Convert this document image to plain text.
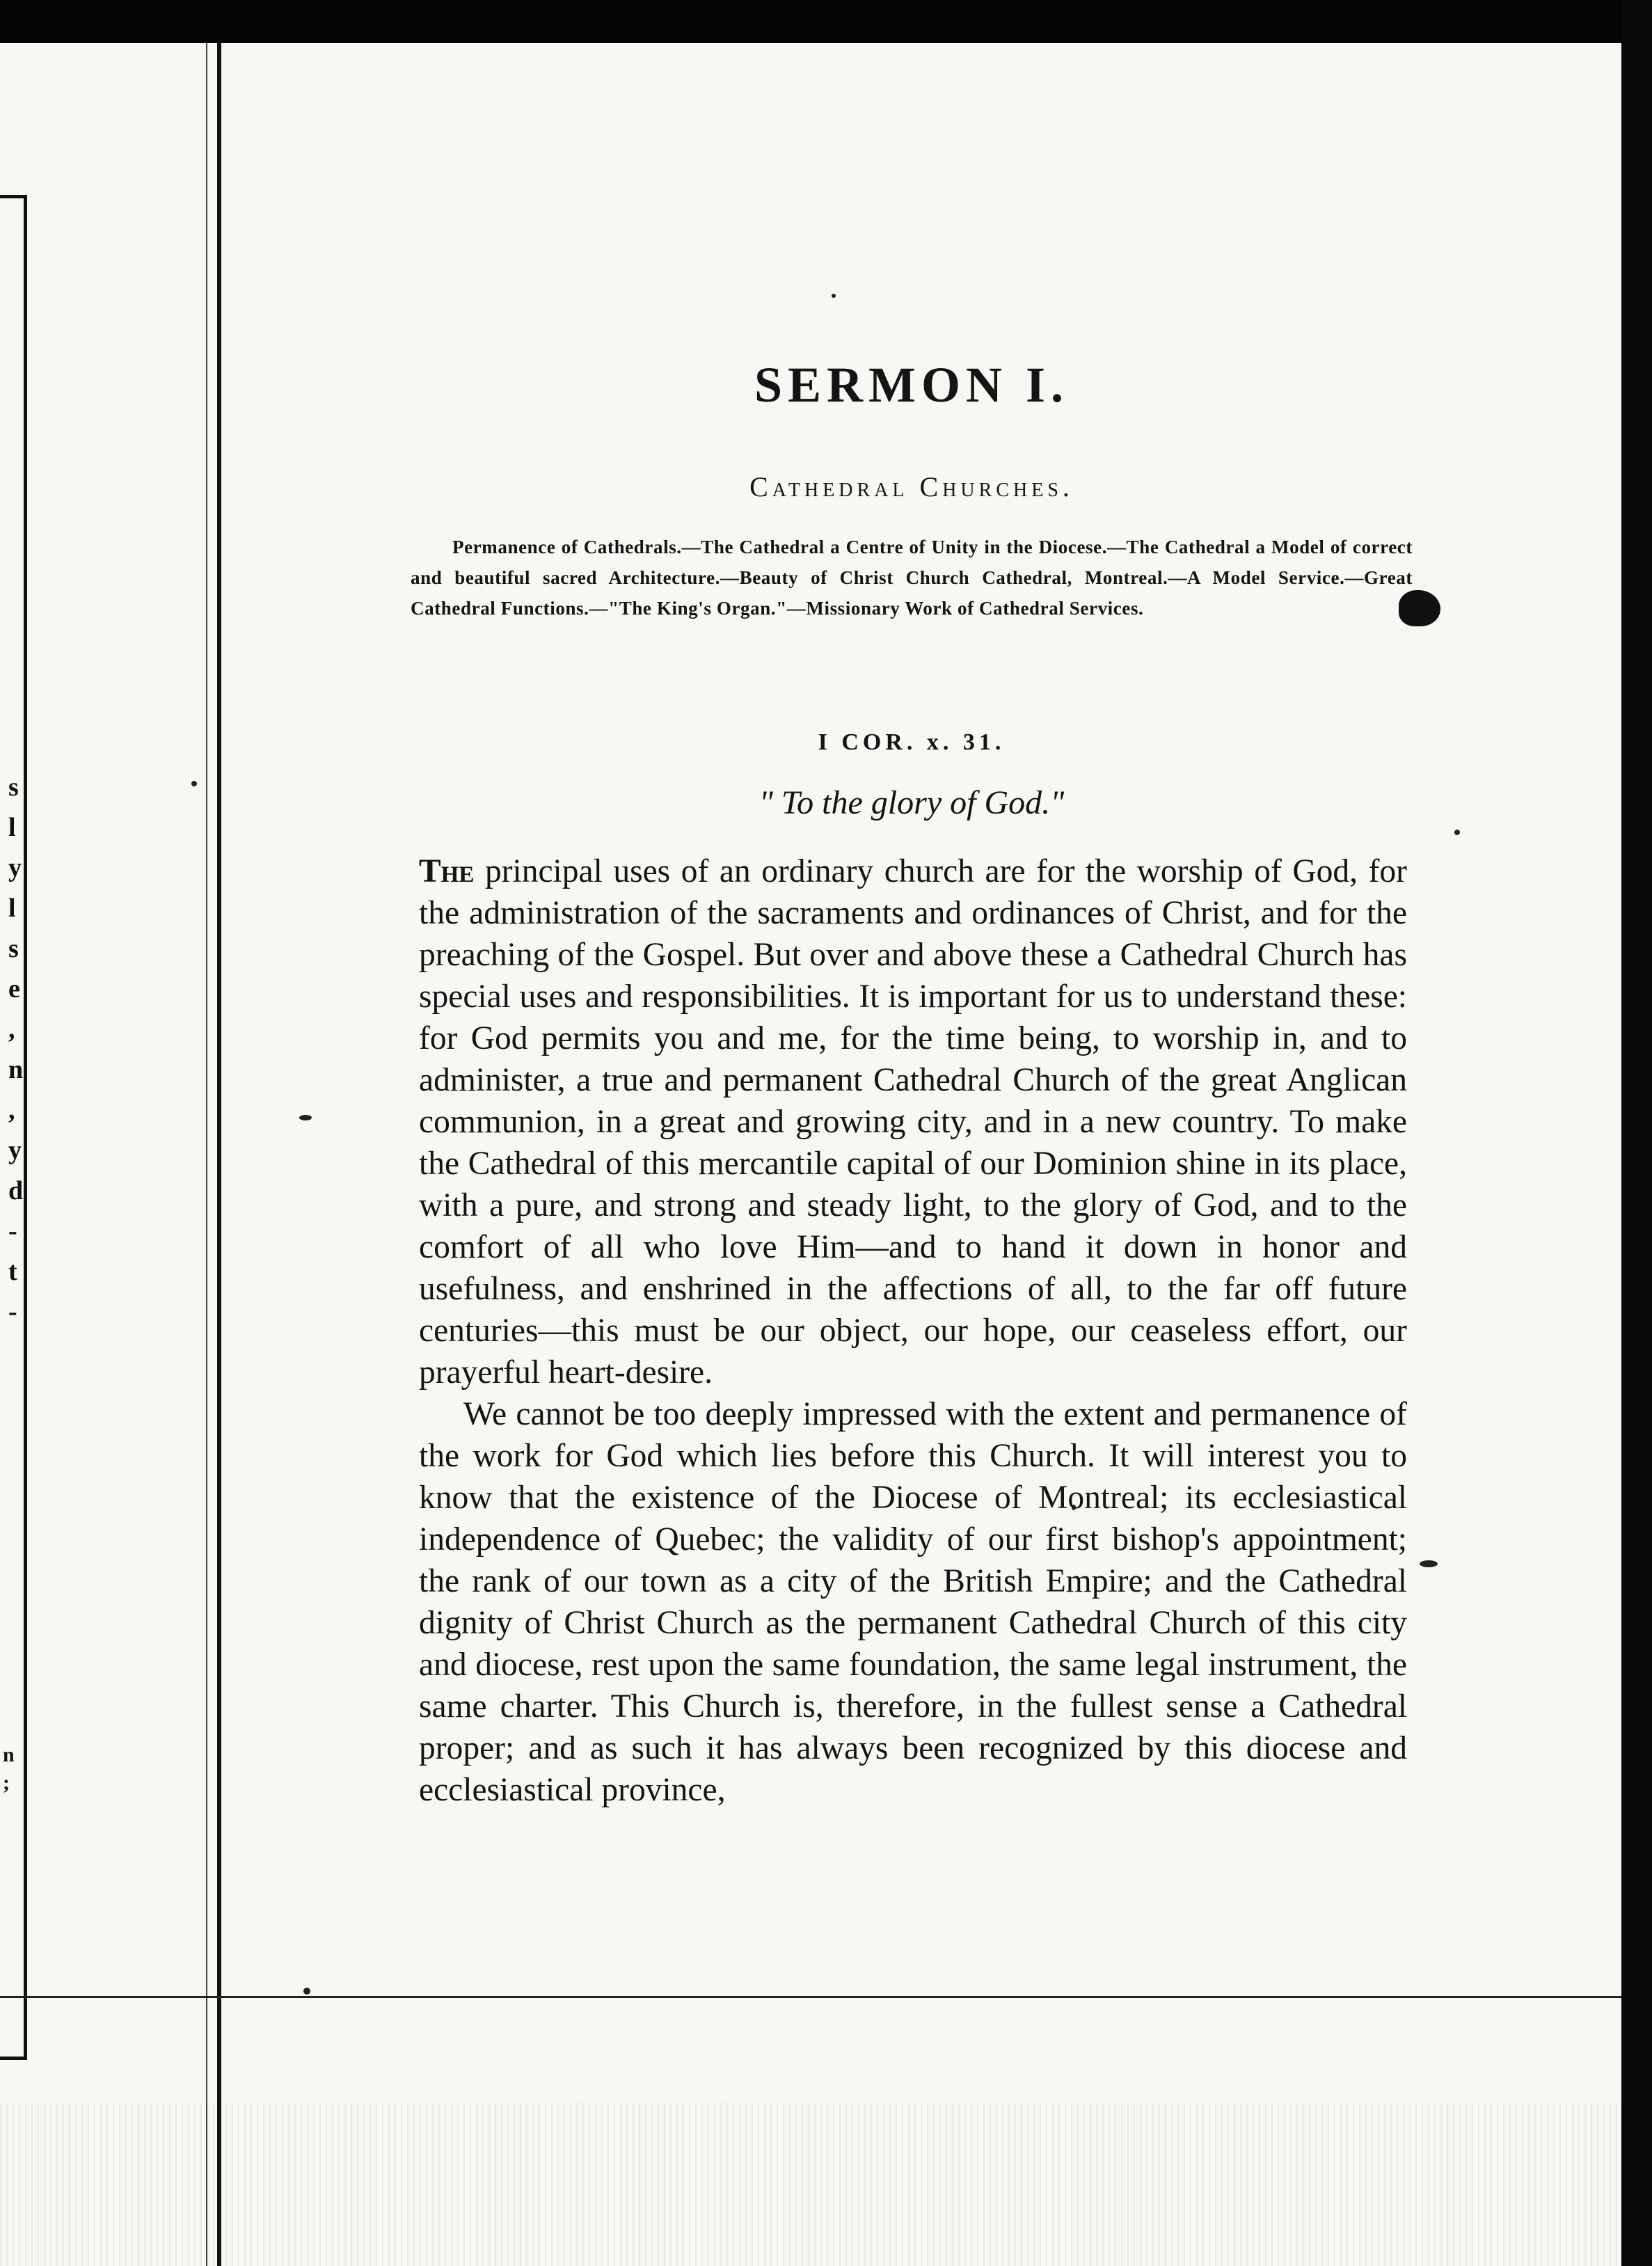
s
l
y
l
s
e
,
n
,
y
d
-
t
-
n
;
SERMON I.
Cathedral Churches.
Permanence of Cathedrals.—The Cathedral a Centre of Unity in the Diocese.—The Cathedral a Model of correct and beautiful sacred Architecture.—Beauty of Christ Church Cathedral, Montreal.—A Model Service.—Great Cathedral Functions.—"The King's Organ."—Missionary Work of Cathedral Services.
I COR. x. 31.
" To the glory of God."

The principal uses of an ordinary church are for the worship of God, for the administration of the sacraments and ordinances of Christ, and for the preaching of the Gospel. But over and above these a Cathedral Church has special uses and responsibilities. It is important for us to understand these: for God permits you and me, for the time being, to worship in, and to administer, a true and permanent Cathedral Church of the great Anglican communion, in a great and growing city, and in a new country. To make the Cathedral of this mercantile capital of our Dominion shine in its place, with a pure, and strong and steady light, to the glory of God, and to the comfort of all who love Him—and to hand it down in honor and usefulness, and enshrined in the affections of all, to the far off future centuries—this must be our object, our hope, our ceaseless effort, our prayerful heart-desire.

We cannot be too deeply impressed with the extent and permanence of the work for God which lies before this Church. It will interest you to know that the existence of the Diocese of Montreal; its ecclesiastical independence of Quebec; the validity of our first bishop's appointment; the rank of our town as a city of the British Empire; and the Cathedral dignity of Christ Church as the permanent Cathedral Church of this city and diocese, rest upon the same foundation, the same legal instrument, the same charter. This Church is, therefore, in the fullest sense a Cathedral proper; and as such it has always been recognized by this diocese and ecclesiastical province,
